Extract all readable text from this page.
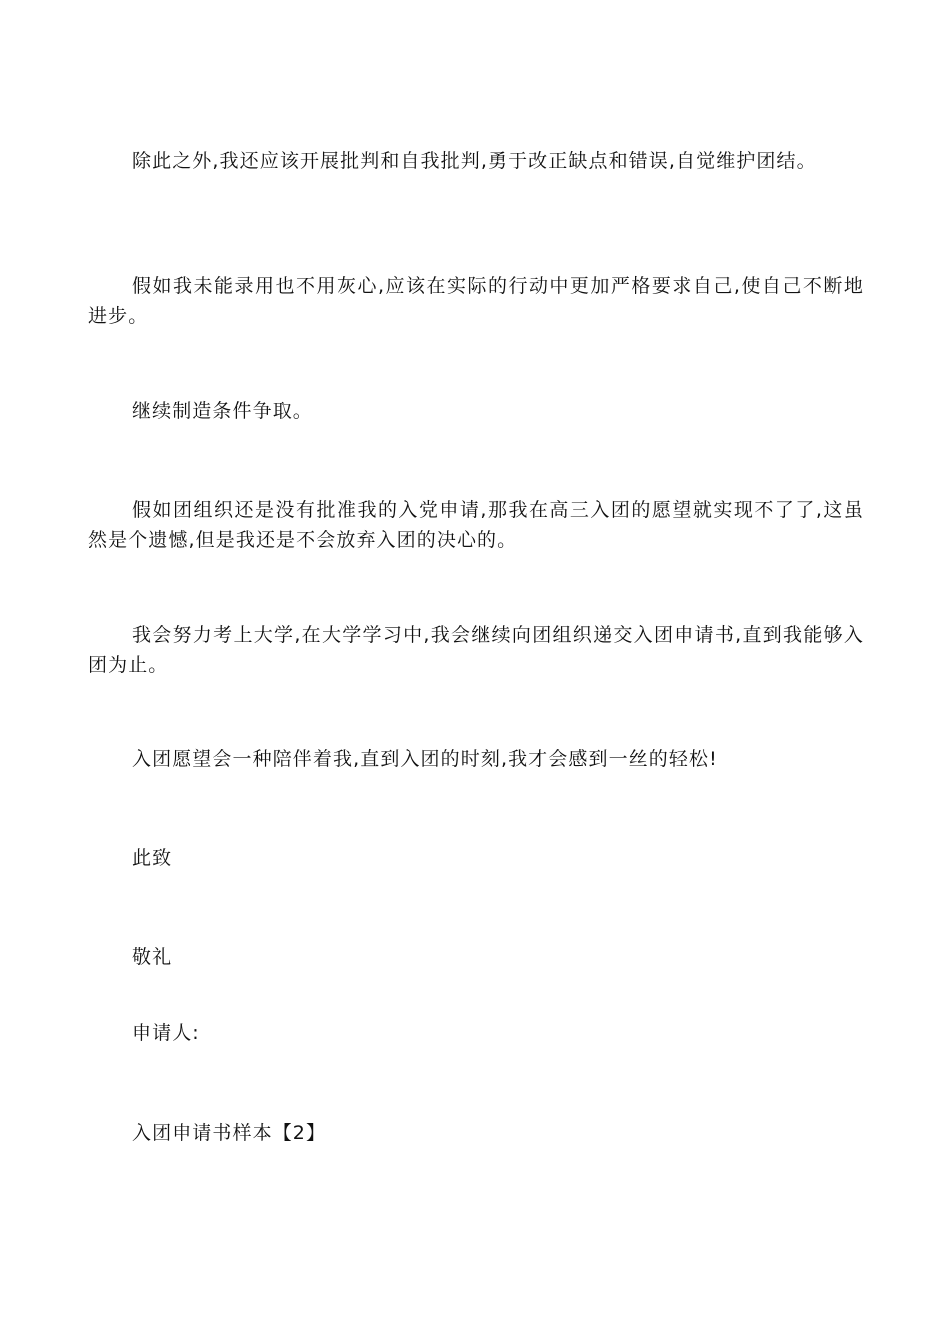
除此之外,我还应该开展批判和自我批判,勇于改正缺点和错误,自觉维护团结。

假如我未能录用也不用灰心,应该在实际的行动中更加严格要求自己,使自己不断地进步。

继续制造条件争取。

假如团组织还是没有批准我的入党申请,那我在高三入团的愿望就实现不了了,这虽然是个遗憾,但是我还是不会放弃入团的决心的。

我会努力考上大学,在大学学习中,我会继续向团组织递交入团申请书,直到我能够入团为止。

入团愿望会一种陪伴着我,直到入团的时刻,我才会感到一丝的轻松!

此致

敬礼

申请人:

入团申请书样本【2】
